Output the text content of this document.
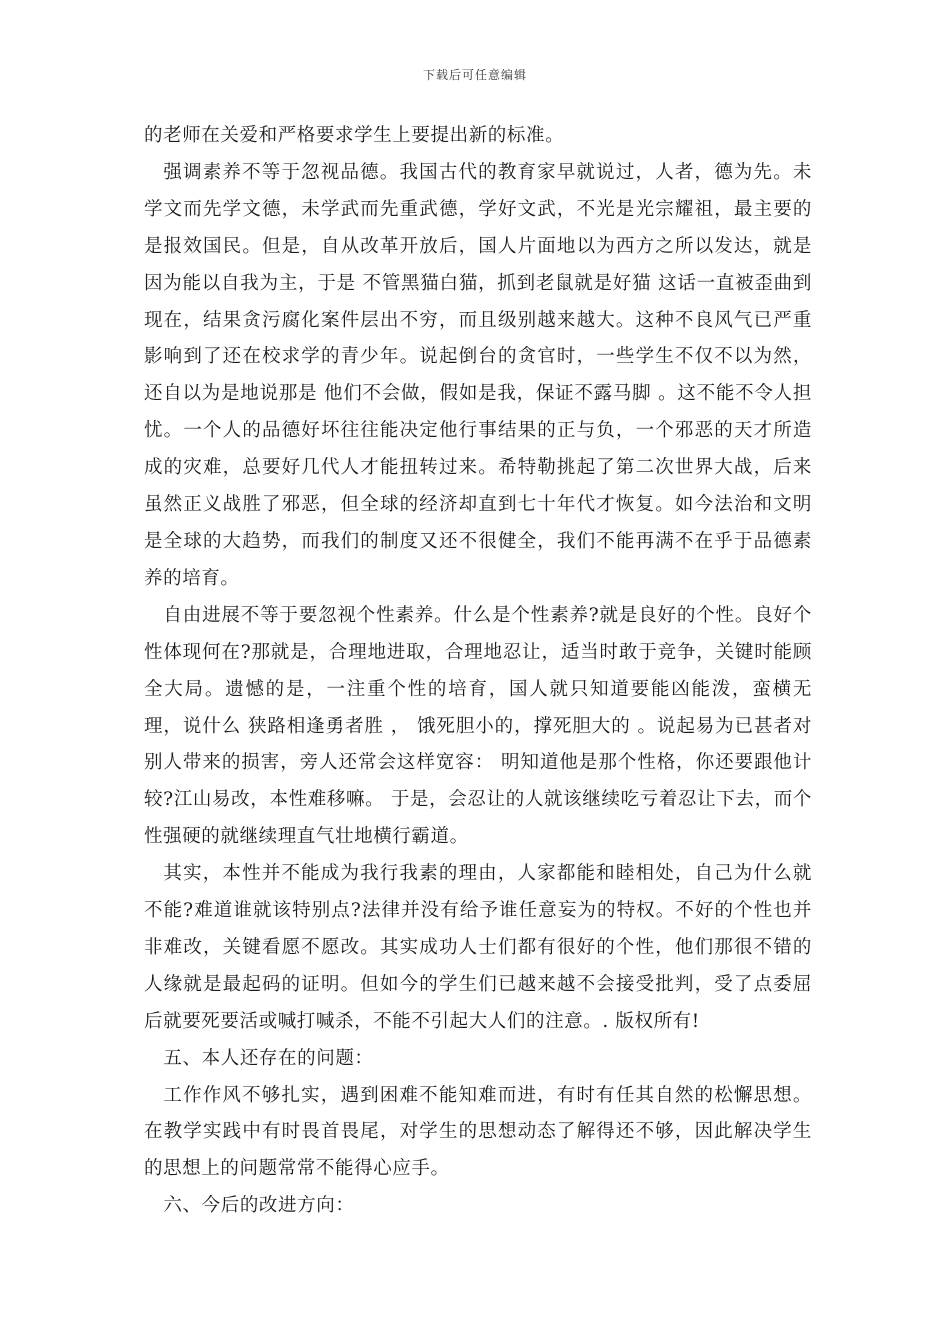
下载后可任意编辑

的老师在关爱和严格要求学生上要提出新的标准。

强调素养不等于忽视品德。我国古代的教育家早就说过，人者，德为先。未学文而先学文德，未学武而先重武德，学好文武，不光是光宗耀祖，最主要的是报效国民。但是，自从改革开放后，国人片面地以为西方之所以发达，就是因为能以自我为主，于是 不管黑猫白猫，抓到老鼠就是好猫 这话一直被歪曲到现在，结果贪污腐化案件层出不穷，而且级别越来越大。这种不良风气已严重影响到了还在校求学的青少年。说起倒台的贪官时，一些学生不仅不以为然，还自以为是地说那是 他们不会做，假如是我，保证不露马脚 。这不能不令人担忧。一个人的品德好坏往往能决定他行事结果的正与负，一个邪恶的天才所造成的灾难，总要好几代人才能扭转过来。希特勒挑起了第二次世界大战，后来虽然正义战胜了邪恶，但全球的经济却直到七十年代才恢复。如今法治和文明是全球的大趋势，而我们的制度又还不很健全，我们不能再满不在乎于品德素养的培育。

自由进展不等于要忽视个性素养。什么是个性素养?就是良好的个性。良好个性体现何在?那就是，合理地进取，合理地忍让，适当时敢于竞争，关键时能顾全大局。遗憾的是，一注重个性的培育，国人就只知道要能凶能泼，蛮横无理，说什么 狭路相逢勇者胜 ， 饿死胆小的，撑死胆大的 。说起易为已甚者对别人带来的损害，旁人还常会这样宽容： 明知道他是那个性格，你还要跟他计较?江山易改，本性难移嘛。 于是，会忍让的人就该继续吃亏着忍让下去，而个性强硬的就继续理直气壮地横行霸道。

其实，本性并不能成为我行我素的理由，人家都能和睦相处，自己为什么就不能?难道谁就该特别点?法律并没有给予谁任意妄为的特权。不好的个性也并非难改，关键看愿不愿改。其实成功人士们都有很好的个性，他们那很不错的人缘就是最起码的证明。但如今的学生们已越来越不会接受批判，受了点委屈后就要死要活或喊打喊杀，不能不引起大人们的注意。. 版权所有!

五、本人还存在的问题：

工作作风不够扎实，遇到困难不能知难而进，有时有任其自然的松懈思想。在教学实践中有时畏首畏尾，对学生的思想动态了解得还不够，因此解决学生的思想上的问题常常不能得心应手。

六、今后的改进方向：
